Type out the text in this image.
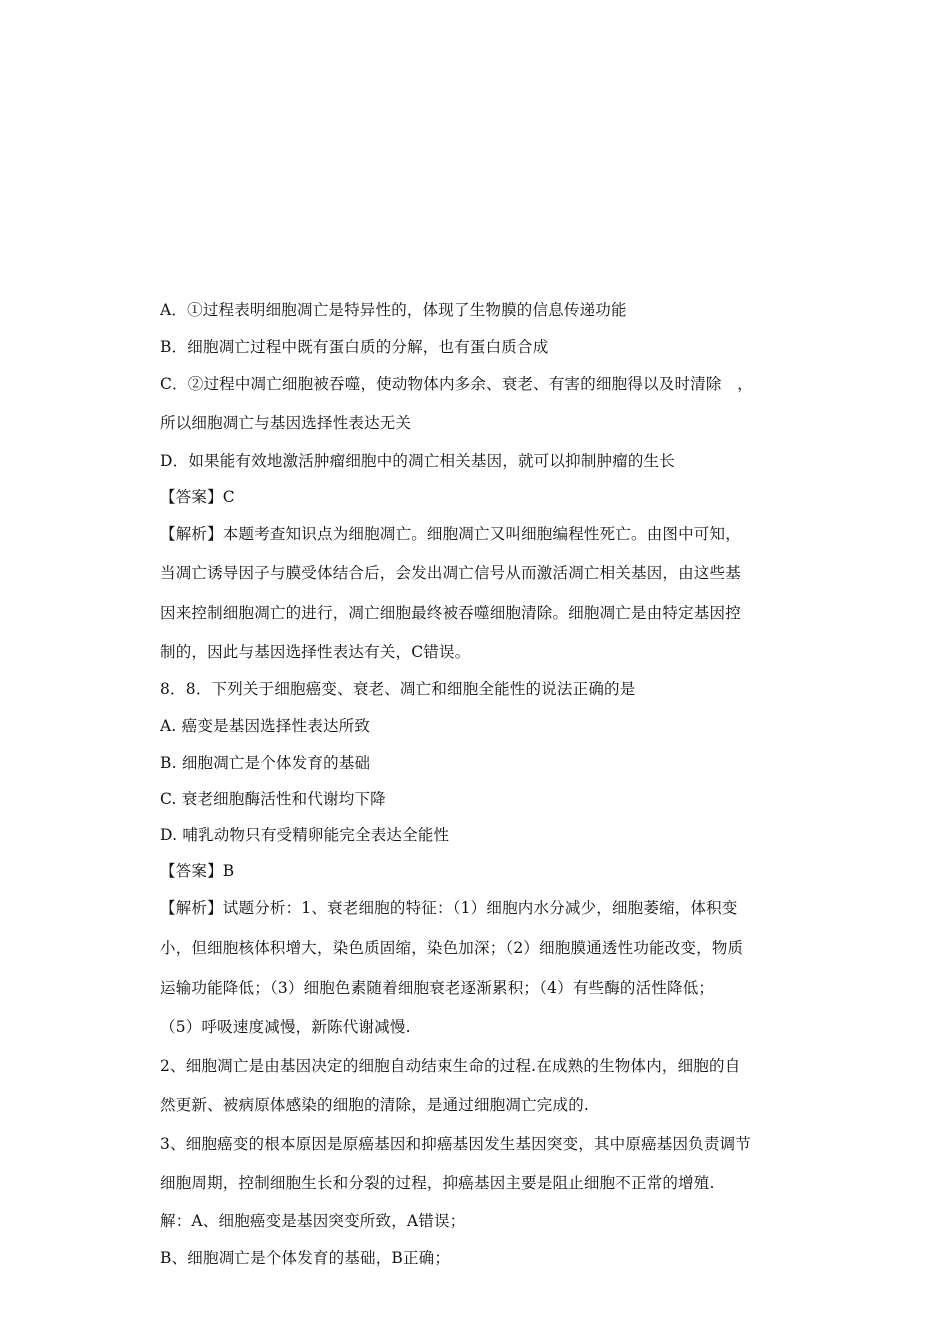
A．①过程表明细胞凋亡是特异性的，体现了生物膜的信息传递功能
B．细胞凋亡过程中既有蛋白质的分解，也有蛋白质合成
C．②过程中凋亡细胞被吞噬，使动物体内多余、衰老、有害的细胞得以及时清除　，
所以细胞凋亡与基因选择性表达无关
D．如果能有效地激活肿瘤细胞中的凋亡相关基因，就可以抑制肿瘤的生长
【答案】C
【解析】本题考查知识点为细胞凋亡。细胞凋亡又叫细胞编程性死亡。由图中可知，
当凋亡诱导因子与膜受体结合后，会发出凋亡信号从而激活凋亡相关基因，由这些基
因来控制细胞凋亡的进行，凋亡细胞最终被吞噬细胞清除。细胞凋亡是由特定基因控
制的，因此与基因选择性表达有关，C错误。
8．8．下列关于细胞癌变、衰老、凋亡和细胞全能性的说法正确的是
A. 癌变是基因选择性表达所致
B. 细胞凋亡是个体发育的基础
C. 衰老细胞酶活性和代谢均下降
D. 哺乳动物只有受精卵能完全表达全能性
【答案】B
【解析】试题分析：1、衰老细胞的特征：（1）细胞内水分减少，细胞萎缩，体积变
小，但细胞核体积增大，染色质固缩，染色加深；（2）细胞膜通透性功能改变，物质
运输功能降低；（3）细胞色素随着细胞衰老逐渐累积；（4）有些酶的活性降低；
（5）呼吸速度减慢，新陈代谢减慢.
2、细胞凋亡是由基因决定的细胞自动结束生命的过程.在成熟的生物体内，细胞的自
然更新、被病原体感染的细胞的清除，是通过细胞凋亡完成的.
3、细胞癌变的根本原因是原癌基因和抑癌基因发生基因突变，其中原癌基因负责调节
细胞周期，控制细胞生长和分裂的过程，抑癌基因主要是阻止细胞不正常的增殖.
解：A、细胞癌变是基因突变所致，A错误；
B、细胞凋亡是个体发育的基础，B正确；
